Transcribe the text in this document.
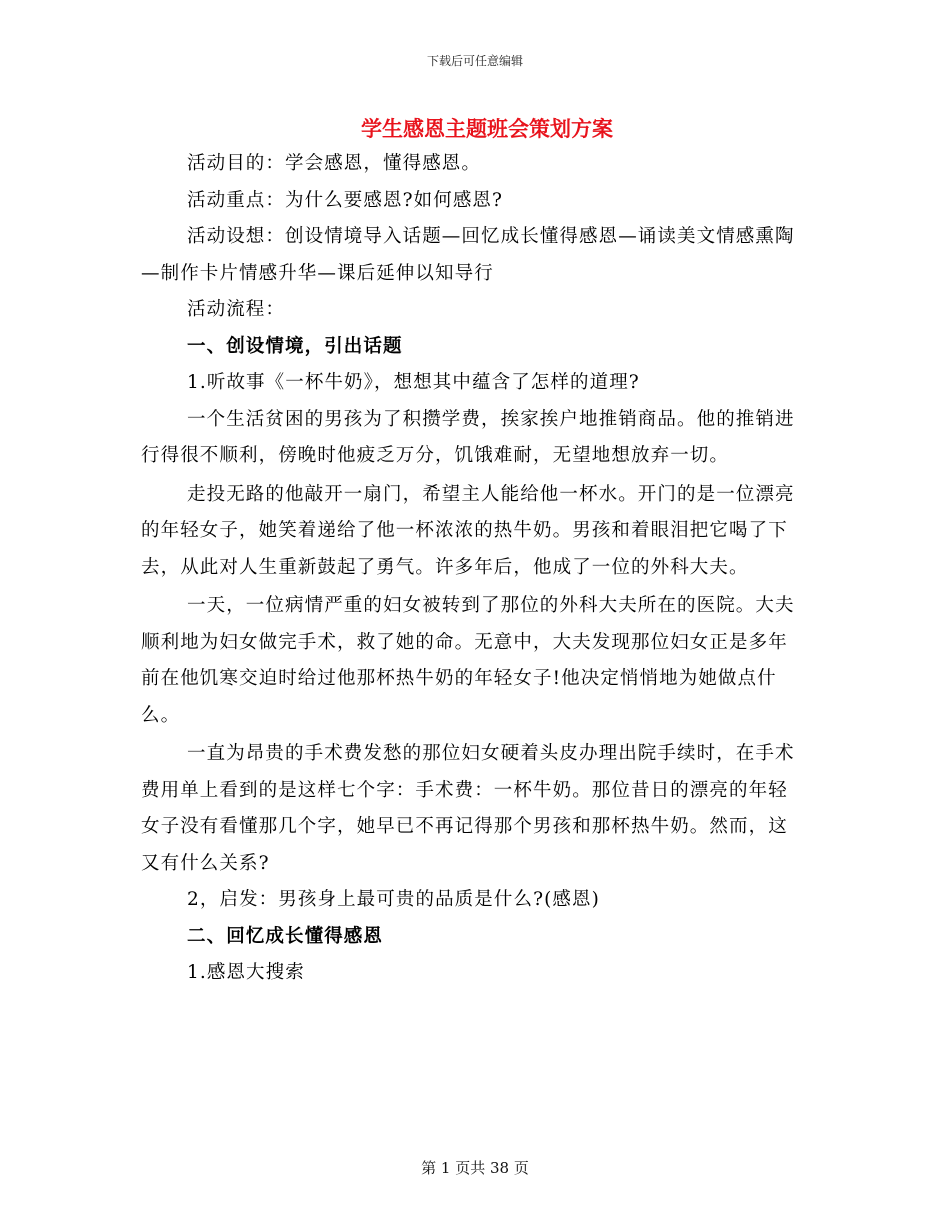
下载后可任意编辑
学生感恩主题班会策划方案

活动目的：学会感恩，懂得感恩。

活动重点：为什么要感恩?如何感恩?

活动设想：创设情境导入话题—回忆成长懂得感恩—诵读美文情感熏陶—制作卡片情感升华—课后延伸以知导行

活动流程：

一、创设情境，引出话题

1.听故事《一杯牛奶》，想想其中蕴含了怎样的道理?

一个生活贫困的男孩为了积攒学费，挨家挨户地推销商品。他的推销进行得很不顺利，傍晚时他疲乏万分，饥饿难耐，无望地想放弃一切。

走投无路的他敲开一扇门，希望主人能给他一杯水。开门的是一位漂亮的年轻女子，她笑着递给了他一杯浓浓的热牛奶。男孩和着眼泪把它喝了下去，从此对人生重新鼓起了勇气。许多年后，他成了一位的外科大夫。

一天，一位病情严重的妇女被转到了那位的外科大夫所在的医院。大夫顺利地为妇女做完手术，救了她的命。无意中，大夫发现那位妇女正是多年前在他饥寒交迫时给过他那杯热牛奶的年轻女子!他决定悄悄地为她做点什么。

一直为昂贵的手术费发愁的那位妇女硬着头皮办理出院手续时，在手术费用单上看到的是这样七个字：手术费：一杯牛奶。那位昔日的漂亮的年轻女子没有看懂那几个字，她早已不再记得那个男孩和那杯热牛奶。然而，这又有什么关系?

2，启发：男孩身上最可贵的品质是什么?(感恩)

二、回忆成长懂得感恩

1.感恩大搜索

第 1 页共 38 页
